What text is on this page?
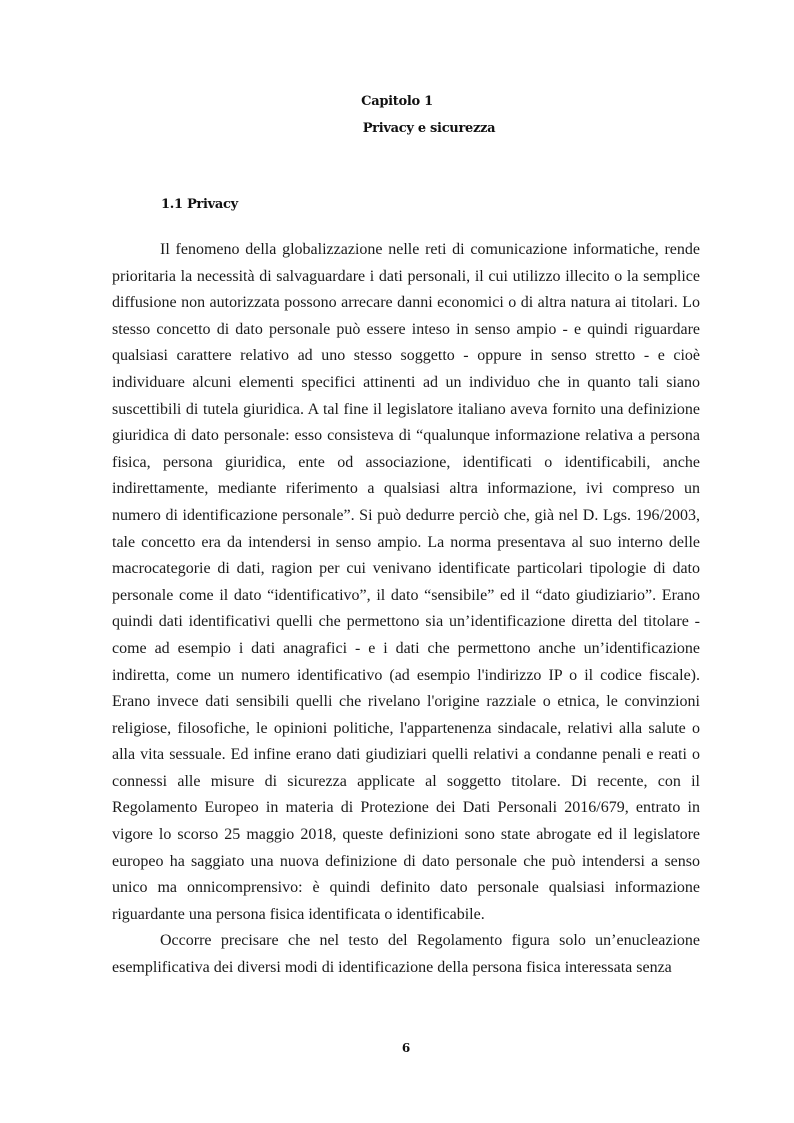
Capitolo 1
Privacy e sicurezza
1.1 Privacy

Il fenomeno della globalizzazione nelle reti di comunicazione informatiche, rende prioritaria la necessità di salvaguardare i dati personali, il cui utilizzo illecito o la semplice diffusione non autorizzata possono arrecare danni economici o di altra natura ai titolari. Lo stesso concetto di dato personale può essere inteso in senso ampio - e quindi riguardare qualsiasi carattere relativo ad uno stesso soggetto - oppure in senso stretto - e cioè individuare alcuni elementi specifici attinenti ad un individuo che in quanto tali siano suscettibili di tutela giuridica. A tal fine il legislatore italiano aveva fornito una definizione giuridica di dato personale: esso consisteva di “qualunque informazione relativa a persona fisica, persona giuridica, ente od associazione, identificati o identificabili, anche indirettamente, mediante riferimento a qualsiasi altra informazione, ivi compreso un numero di identificazione personale”. Si può dedurre perciò che, già nel D. Lgs. 196/2003, tale concetto era da intendersi in senso ampio. La norma presentava al suo interno delle macrocategorie di dati, ragion per cui venivano identificate particolari tipologie di dato personale come il dato “identificativo”, il dato “sensibile” ed il “dato giudiziario”. Erano quindi dati identificativi quelli che permettono sia un’identificazione diretta del titolare - come ad esempio i dati anagrafici - e i dati che permettono anche un’identificazione indiretta, come un numero identificativo (ad esempio l'indirizzo IP o il codice fiscale). Erano invece dati sensibili quelli che rivelano l'origine razziale o etnica, le convinzioni religiose, filosofiche, le opinioni politiche, l'appartenenza sindacale, relativi alla salute o alla vita sessuale. Ed infine erano dati giudiziari quelli relativi a condanne penali e reati o connessi alle misure di sicurezza applicate al soggetto titolare. Di recente, con il Regolamento Europeo in materia di Protezione dei Dati Personali 2016/679, entrato in vigore lo scorso 25 maggio 2018, queste definizioni sono state abrogate ed il legislatore europeo ha saggiato una nuova definizione di dato personale che può intendersi a senso unico ma onnicomprensivo: è quindi definito dato personale qualsiasi informazione riguardante una persona fisica identificata o identificabile.

Occorre precisare che nel testo del Regolamento figura solo un’enucleazione esemplificativa dei diversi modi di identificazione della persona fisica interessata senza

6
